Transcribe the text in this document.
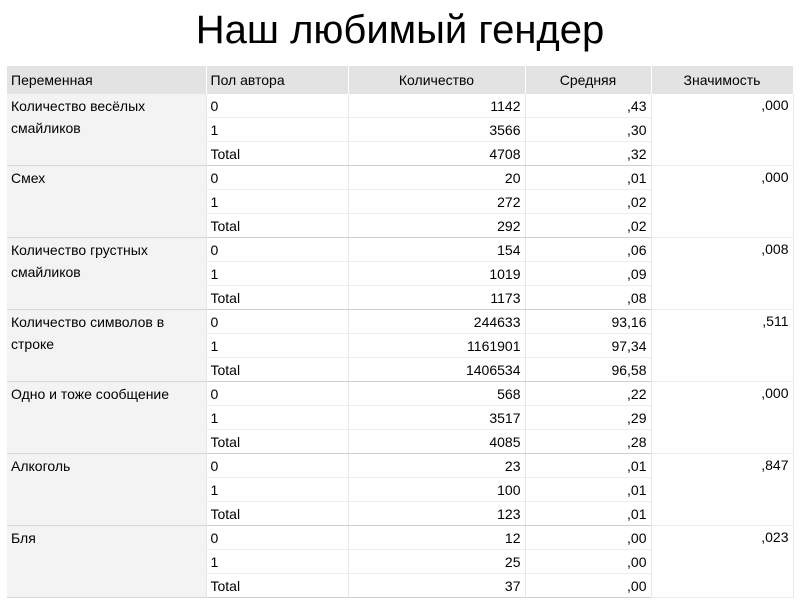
Наш любимый гендер
Переменная	Пол автора	Количество	Средняя	Значимость
Количество весёлых смайликов	0	1142	,43	,000
	1	3566	,30	
	Total	4708	,32	
Смех	0	20	,01	,000
	1	272	,02	
	Total	292	,02	
Количество грустных смайликов	0	154	,06	,008
	1	1019	,09	
	Total	1173	,08	
Количество символов в строке	0	244633	93,16	,511
	1	1161901	97,34	
	Total	1406534	96,58	
Одно и тоже сообщение	0	568	,22	,000
	1	3517	,29	
	Total	4085	,28	
Алкоголь	0	23	,01	,847
	1	100	,01	
	Total	123	,01	
Бля	0	12	,00	,023
	1	25	,00	
	Total	37	,00	
